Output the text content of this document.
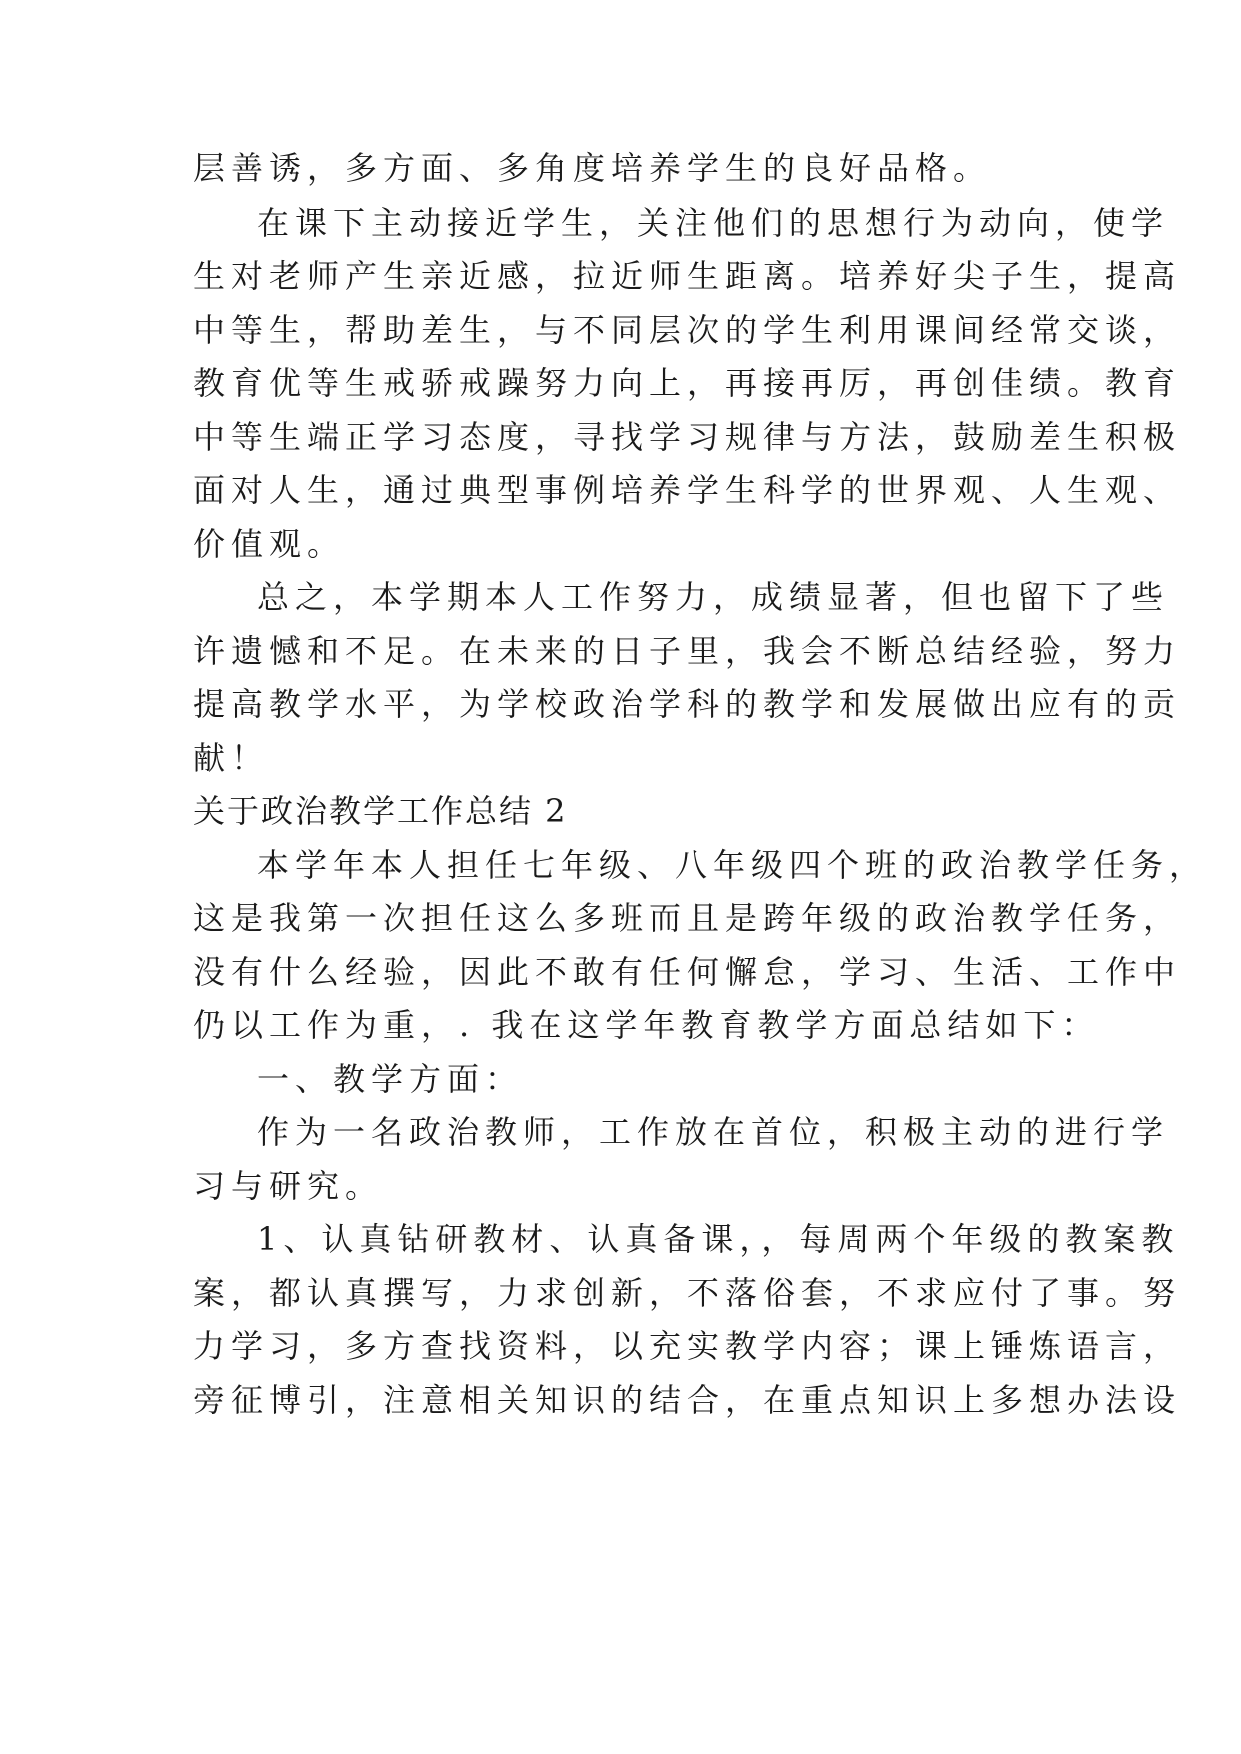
层善诱，多方面、多角度培养学生的良好品格。
在课下主动接近学生，关注他们的思想行为动向，使学
生对老师产生亲近感，拉近师生距离。培养好尖子生，提高
中等生，帮助差生，与不同层次的学生利用课间经常交谈，
教育优等生戒骄戒躁努力向上，再接再厉，再创佳绩。教育
中等生端正学习态度，寻找学习规律与方法，鼓励差生积极
面对人生，通过典型事例培养学生科学的世界观、人生观、
价值观。
总之，本学期本人工作努力，成绩显著，但也留下了些
许遗憾和不足。在未来的日子里，我会不断总结经验，努力
提高教学水平，为学校政治学科的教学和发展做出应有的贡
献！
关于政治教学工作总结 2
本学年本人担任七年级、八年级四个班的政治教学任务，
这是我第一次担任这么多班而且是跨年级的政治教学任务，
没有什么经验，因此不敢有任何懈怠，学习、生活、工作中
仍以工作为重，. 我在这学年教育教学方面总结如下：
一、教学方面：
作为一名政治教师，工作放在首位，积极主动的进行学
习与研究。
1、认真钻研教材、认真备课，，每周两个年级的教案教
案，都认真撰写，力求创新，不落俗套，不求应付了事。努
力学习，多方查找资料，以充实教学内容；课上锤炼语言，
旁征博引，注意相关知识的结合，在重点知识上多想办法设
